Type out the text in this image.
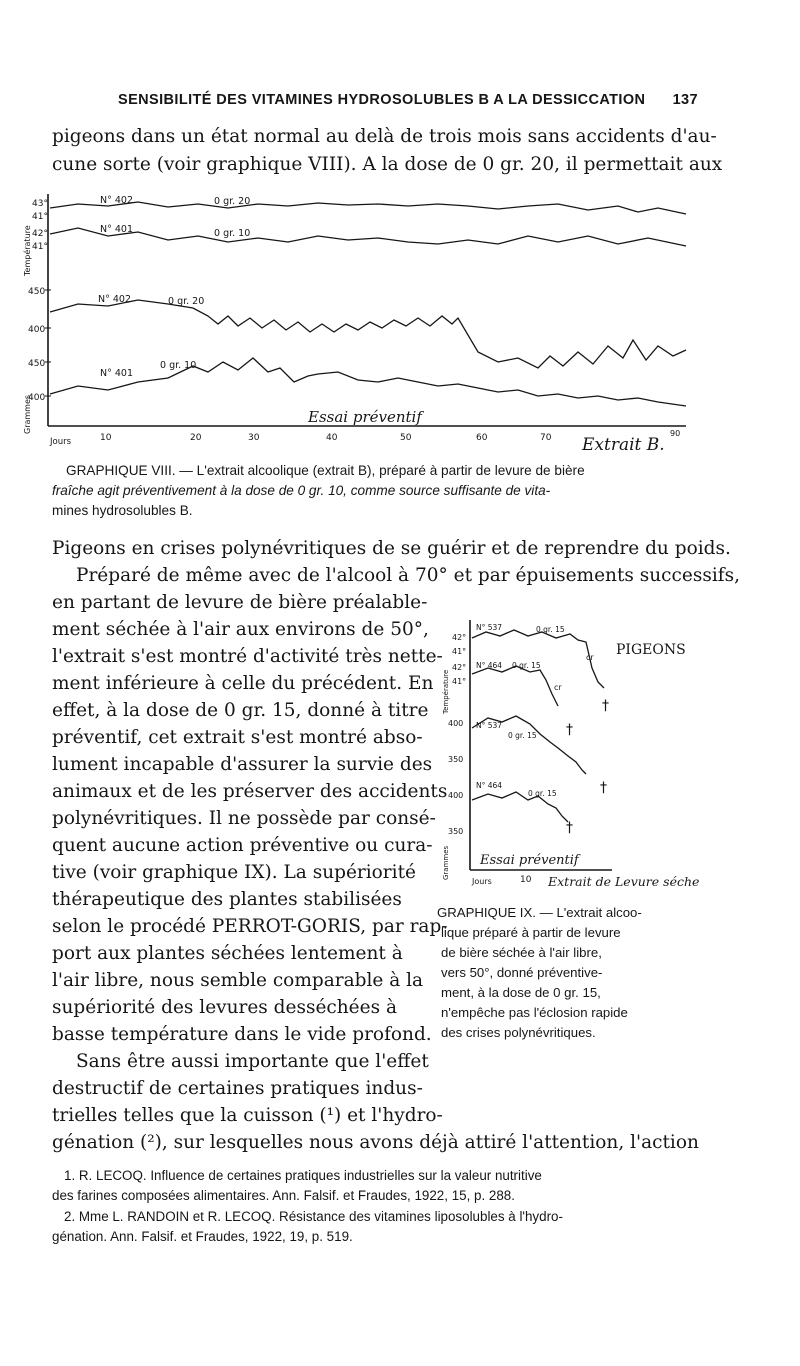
SENSIBILITÉ DES VITAMINES HYDROSOLUBLES B A LA DESSICCATION 137
pigeons dans un état normal au delà de trois mois sans accidents d'au-
cune sorte (voir graphique VIII). A la dose de 0 gr. 20, il permettait aux
Température
Grammes
43°
41°
42°
41°
450
400
450
400
N° 402
N° 401
N° 402
N° 401
0 gr. 20
0 gr. 10
0 gr. 20
0 gr. 10
Essai préventif
Jours	10	20	30	40	50	60	70	90
Extrait B.
GRAPHIQUE VIII. — L'extrait alcoolique (extrait B), préparé à partir de levure de bière
fraîche agit préventivement à la dose de 0 gr. 10, comme source suffisante de vita-
mines hydrosolubles B.
Pigeons en crises polynévritiques de se guérir et de reprendre du poids.
Préparé de même avec de l'alcool à 70° et par épuisements successifs,
en partant de levure de bière préalable-
ment séchée à l'air aux environs de 50°,
l'extrait s'est montré d'activité très nette-
ment inférieure à celle du précédent. En
effet, à la dose de 0 gr. 15, donné à titre
préventif, cet extrait s'est montré abso-
lument incapable d'assurer la survie des
animaux et de les préserver des accidents
polynévritiques. Il ne possède par consé-
quent aucune action préventive ou cura-
tive (voir graphique IX). La supériorité
thérapeutique des plantes stabilisées
selon le procédé PERROT-GORIS, par rap-
port aux plantes séchées lentement à
l'air libre, nous semble comparable à la
supériorité des levures desséchées à
basse température dans le vide profond.
Sans être aussi importante que l'effet
destructif de certaines pratiques indus-
trielles telles que la cuisson (¹) et l'hydro-
Température
Grammes
42°
41°
42°
41°
400
350
400
350
N° 537
N° 464
N° 537
N° 464
0 gr. 15
0 gr. 15
0 gr. 15
0 gr. 15
cr
cr
†
†
†
†
PIGEONS
Essai préventif
Jours	10 Extrait de Levure séche
GRAPHIQUE IX. — L'extrait alcoo-
lique préparé à partir de levure
de bière séchée à l'air libre,
vers 50°, donné préventive-
ment, à la dose de 0 gr. 15,
n'empêche pas l'éclosion rapide
des crises polynévritiques.
génation (²), sur lesquelles nous avons déjà attiré l'attention, l'action
1. R. LECOQ. Influence de certaines pratiques industrielles sur la valeur nutritive
des farines composées alimentaires. Ann. Falsif. et Fraudes, 1922, 15, p. 288.
2. Mme L. RANDOIN et R. LECOQ. Résistance des vitamines liposolubles à l'hydro-
génation. Ann. Falsif. et Fraudes, 1922, 19, p. 519.
